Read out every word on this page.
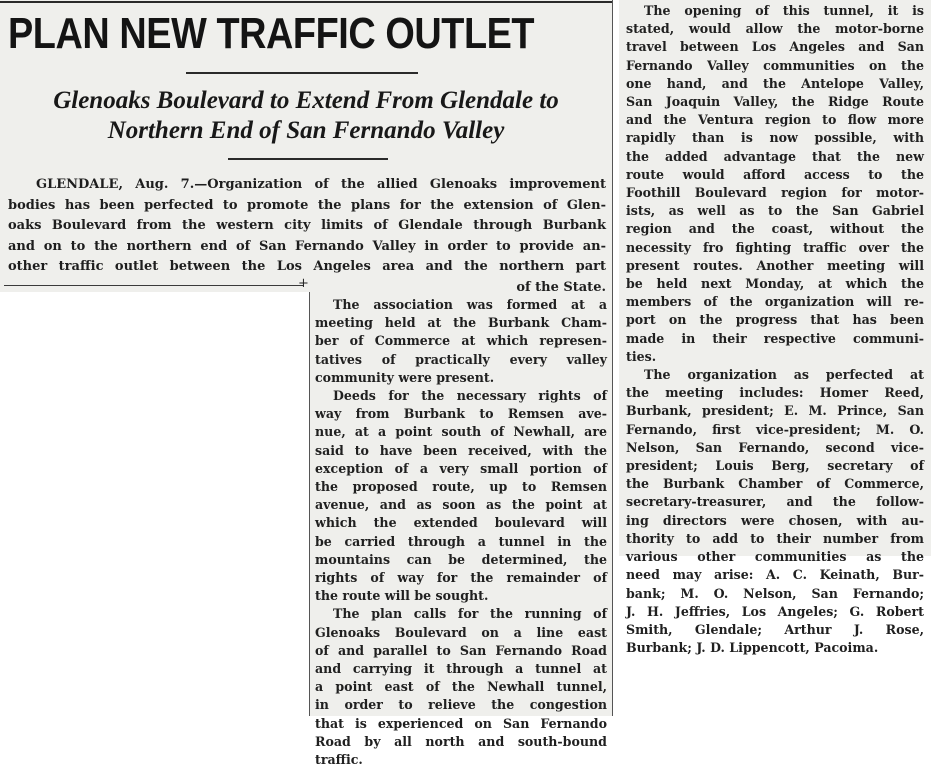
PLAN NEW TRAFFIC OUTLET
Glenoaks Boulevard to Extend From Glendale to
Northern End of San Fernando Valley
GLENDALE, Aug. 7.—Organization of the allied Glenoaks improvement
bodies has been perfected to promote the plans for the extension of Glen-
oaks Boulevard from the western city limits of Glendale through Burbank
and on to the northern end of San Fernando Valley in order to provide an-
other traffic outlet between the Los Angeles area and the northern part
of the State.
+
The association was formed at a
meeting held at the Burbank Cham-
ber of Commerce at which represen-
tatives of practically every valley
community were present.
Deeds for the necessary rights of
way from Burbank to Remsen ave-
nue, at a point south of Newhall, are
said to have been received, with the
exception of a very small portion of
the proposed route, up to Remsen
avenue, and as soon as the point at
which the extended boulevard will
be carried through a tunnel in the
mountains can be determined, the
rights of way for the remainder of
the route will be sought.
The plan calls for the running of
Glenoaks Boulevard on a line east
of and parallel to San Fernando Road
and carrying it through a tunnel at
a point east of the Newhall tunnel,
in order to relieve the congestion
that is experienced on San Fernando
Road by all north and south-bound
traffic.
The opening of this tunnel, it is
stated, would allow the motor-borne
travel between Los Angeles and San
Fernando Valley communities on the
one hand, and the Antelope Valley,
San Joaquin Valley, the Ridge Route
and the Ventura region to flow more
rapidly than is now possible, with
the added advantage that the new
route would afford access to the
Foothill Boulevard region for motor-
ists, as well as to the San Gabriel
region and the coast, without the
necessity fro fighting traffic over the
present routes. Another meeting will
be held next Monday, at which the
members of the organization will re-
port on the progress that has been
made in their respective communi-
ties.
The organization as perfected at
the meeting includes: Homer Reed,
Burbank, president; E. M. Prince, San
Fernando, first vice-president; M. O.
Nelson, San Fernando, second vice-
president; Louis Berg, secretary of
the Burbank Chamber of Commerce,
secretary-treasurer, and the follow-
ing directors were chosen, with au-
thority to add to their number from
various other communities as the
need may arise: A. C. Keinath, Bur-
bank; M. O. Nelson, San Fernando;
J. H. Jeffries, Los Angeles; G. Robert
Smith, Glendale; Arthur J. Rose,
Burbank; J. D. Lippencott, Pacoima.
